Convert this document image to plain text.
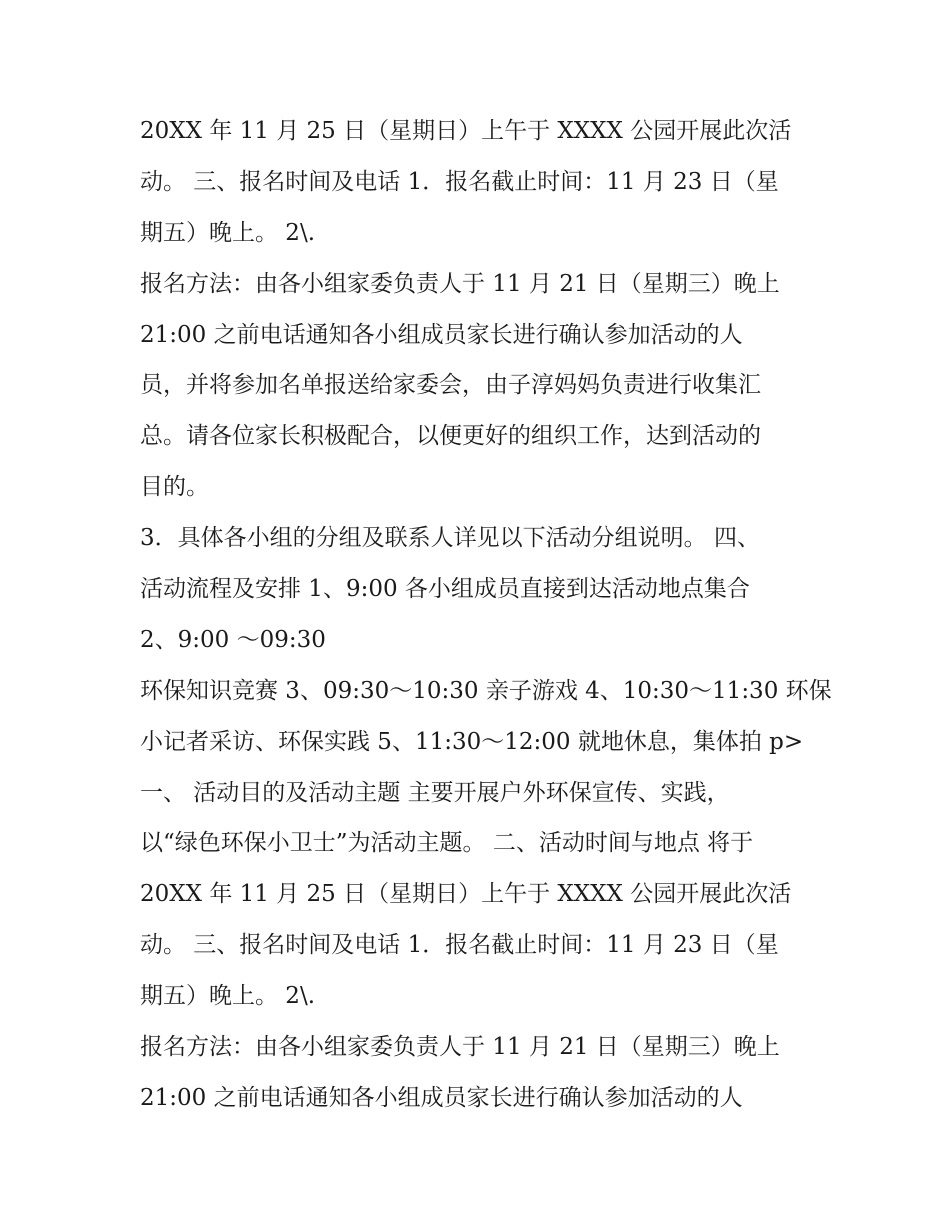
20XX 年 11 月 25 日（星期日）上午于 XXXX 公园开展此次活
动。 三、报名时间及电话 1．报名截止时间：11 月 23 日（星
期五）晚上。 2\.
报名方法：由各小组家委负责人于 11 月 21 日（星期三）晚上
21:00 之前电话通知各小组成员家长进行确认参加活动的人
员，并将参加名单报送给家委会，由子淳妈妈负责进行收集汇
总。请各位家长积极配合，以便更好的组织工作，达到活动的
目的。
3．具体各小组的分组及联系人详见以下活动分组说明。 四、
活动流程及安排 1、9:00 各小组成员直接到达活动地点集合
2、9:00 ～09:30
环保知识竞赛 3、09:30～10:30 亲子游戏 4、10:30～11:30 环保
小记者采访、环保实践 5、11:30～12:00 就地休息，集体拍 p>
一、 活动目的及活动主题 主要开展户外环保宣传、实践，
以“绿色环保小卫士”为活动主题。 二、活动时间与地点 将于
20XX 年 11 月 25 日（星期日）上午于 XXXX 公园开展此次活
动。 三、报名时间及电话 1．报名截止时间：11 月 23 日（星
期五）晚上。 2\.
报名方法：由各小组家委负责人于 11 月 21 日（星期三）晚上
21:00 之前电话通知各小组成员家长进行确认参加活动的人
